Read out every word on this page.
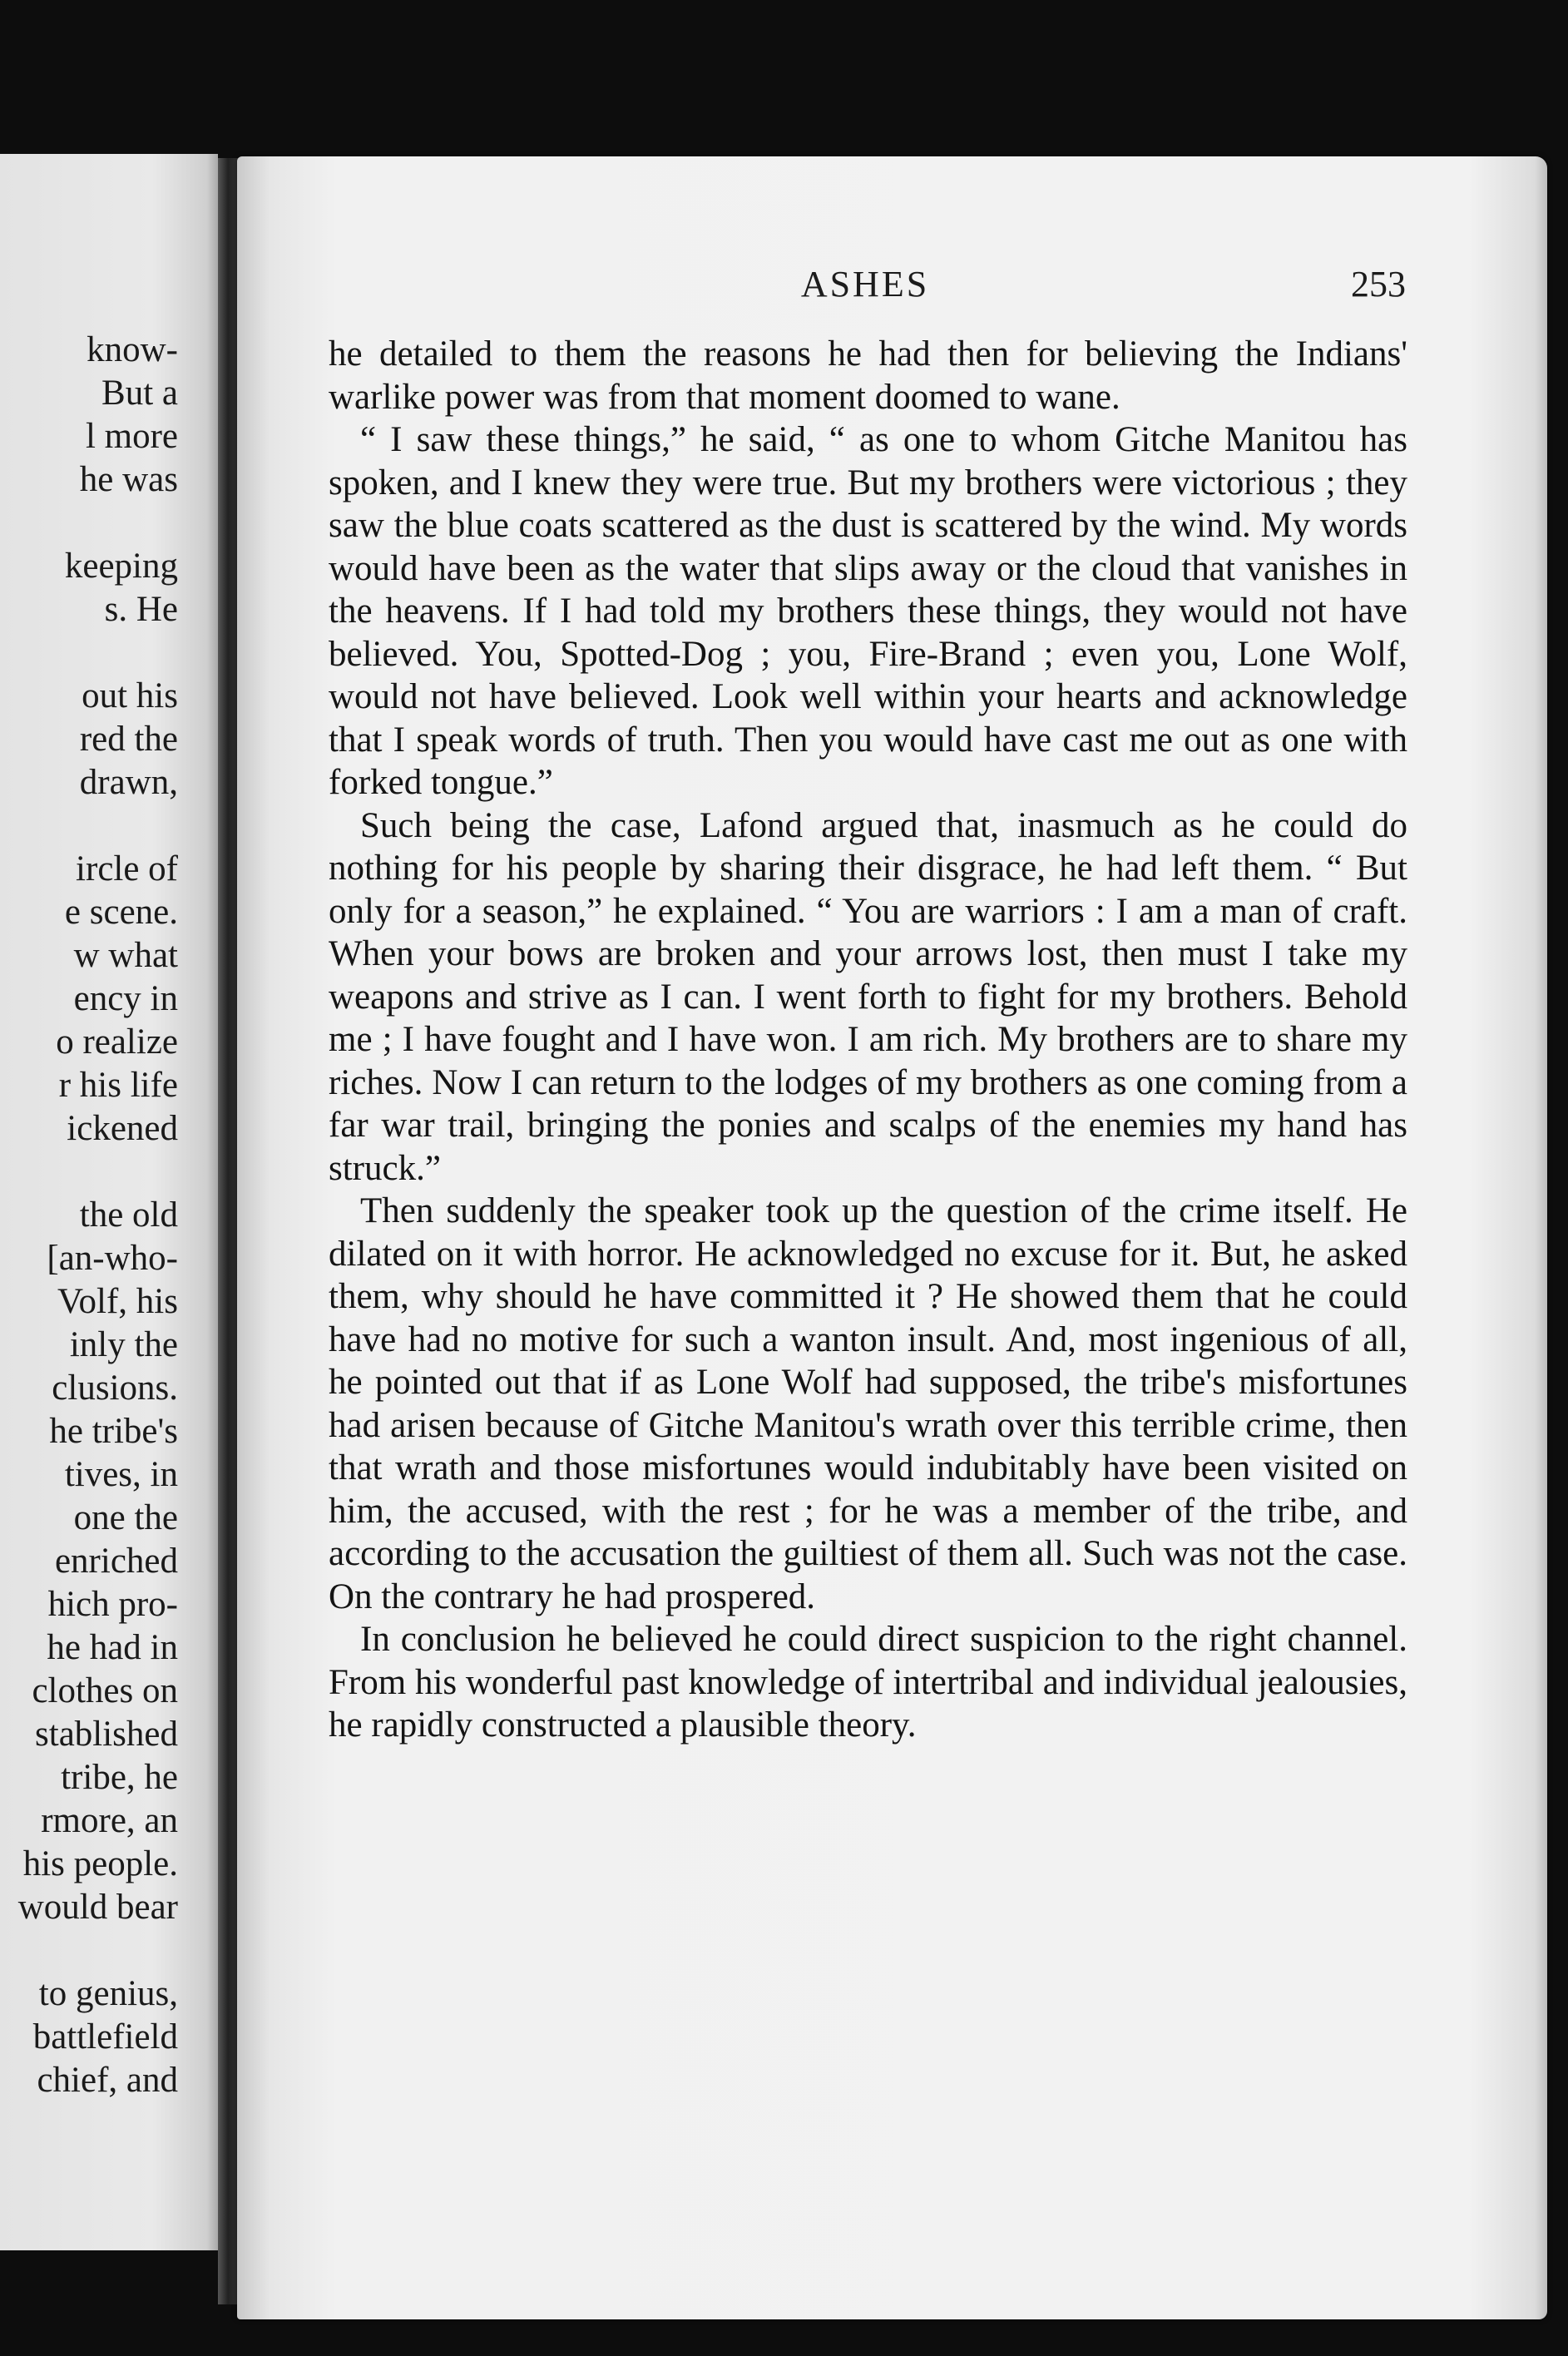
know-
But a
l more
he was
keeping
s. He
out his
red the
drawn,
ircle of
e scene.
w what
ency in
o realize
r his life
ickened
the old
[an-who-
Volf, his
inly the
clusions.
he tribe's
tives, in
one the
enriched
hich pro-
he had in
clothes on
stablished
tribe, he
rmore, an
his people.
would bear
to genius,
battlefield
chief, and
ASHES	253

he detailed to them the reasons he had then for believing the Indians' warlike power was from that moment doomed to wane.

“ I saw these things,” he said, “ as one to whom Gitche Manitou has spoken, and I knew they were true. But my brothers were victorious ; they saw the blue coats scattered as the dust is scattered by the wind. My words would have been as the water that slips away or the cloud that vanishes in the heavens. If I had told my brothers these things, they would not have believed. You, Spotted-Dog ; you, Fire-Brand ; even you, Lone Wolf, would not have believed. Look well within your hearts and acknowledge that I speak words of truth. Then you would have cast me out as one with forked tongue.”

Such being the case, Lafond argued that, inasmuch as he could do nothing for his people by sharing their disgrace, he had left them. “ But only for a season,” he explained. “ You are warriors : I am a man of craft. When your bows are broken and your arrows lost, then must I take my weapons and strive as I can. I went forth to fight for my brothers. Behold me ; I have fought and I have won. I am rich. My brothers are to share my riches. Now I can return to the lodges of my brothers as one coming from a far war trail, bringing the ponies and scalps of the enemies my hand has struck.”

Then suddenly the speaker took up the question of the crime itself. He dilated on it with horror. He acknowledged no excuse for it. But, he asked them, why should he have committed it ? He showed them that he could have had no motive for such a wanton insult. And, most ingenious of all, he pointed out that if as Lone Wolf had supposed, the tribe's misfortunes had arisen because of Gitche Manitou's wrath over this terrible crime, then that wrath and those misfortunes would indubitably have been visited on him, the accused, with the rest ; for he was a member of the tribe, and according to the accusation the guiltiest of them all. Such was not the case. On the contrary he had prospered.

In conclusion he believed he could direct suspicion to the right channel. From his wonderful past knowledge of intertribal and individual jealousies, he rapidly constructed a plausible theory.
